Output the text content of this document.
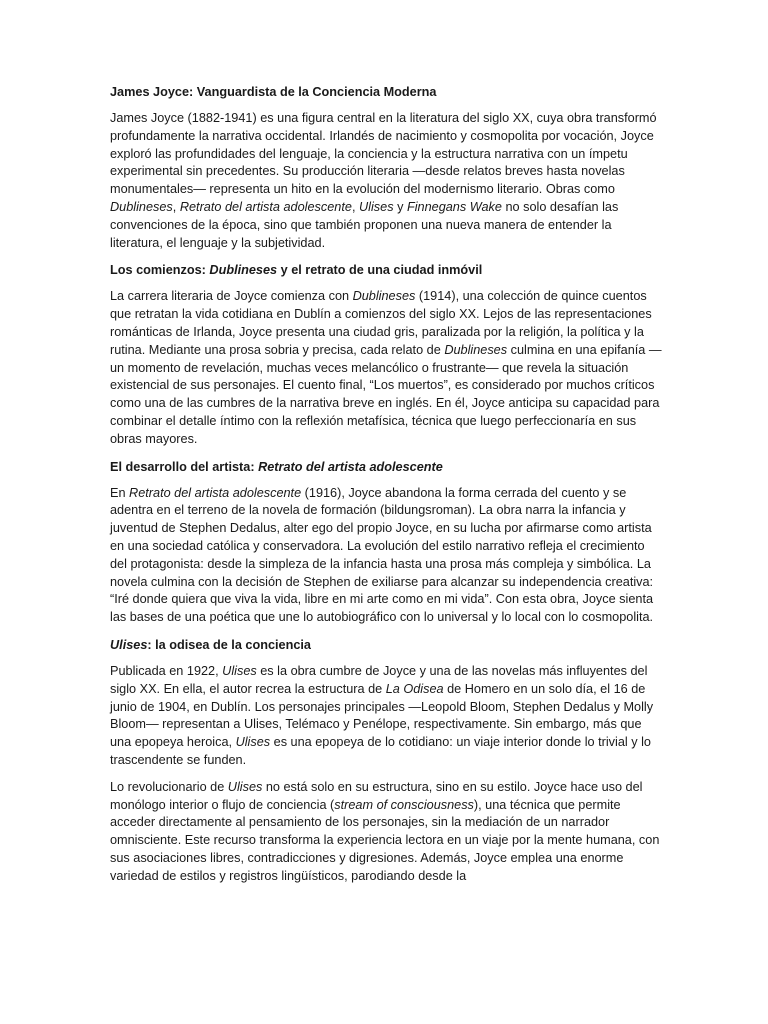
James Joyce: Vanguardista de la Conciencia Moderna

James Joyce (1882-1941) es una figura central en la literatura del siglo XX, cuya obra transformó profundamente la narrativa occidental. Irlandés de nacimiento y cosmopolita por vocación, Joyce exploró las profundidades del lenguaje, la conciencia y la estructura narrativa con un ímpetu experimental sin precedentes. Su producción literaria —desde relatos breves hasta novelas monumentales— representa un hito en la evolución del modernismo literario. Obras como Dublineses, Retrato del artista adolescente, Ulises y Finnegans Wake no solo desafían las convenciones de la época, sino que también proponen una nueva manera de entender la literatura, el lenguaje y la subjetividad.

Los comienzos: Dublineses y el retrato de una ciudad inmóvil

La carrera literaria de Joyce comienza con Dublineses (1914), una colección de quince cuentos que retratan la vida cotidiana en Dublín a comienzos del siglo XX. Lejos de las representaciones románticas de Irlanda, Joyce presenta una ciudad gris, paralizada por la religión, la política y la rutina. Mediante una prosa sobria y precisa, cada relato de Dublineses culmina en una epifanía —un momento de revelación, muchas veces melancólico o frustrante— que revela la situación existencial de sus personajes. El cuento final, “Los muertos”, es considerado por muchos críticos como una de las cumbres de la narrativa breve en inglés. En él, Joyce anticipa su capacidad para combinar el detalle íntimo con la reflexión metafísica, técnica que luego perfeccionaría en sus obras mayores.

El desarrollo del artista: Retrato del artista adolescente

En Retrato del artista adolescente (1916), Joyce abandona la forma cerrada del cuento y se adentra en el terreno de la novela de formación (bildungsroman). La obra narra la infancia y juventud de Stephen Dedalus, alter ego del propio Joyce, en su lucha por afirmarse como artista en una sociedad católica y conservadora. La evolución del estilo narrativo refleja el crecimiento del protagonista: desde la simpleza de la infancia hasta una prosa más compleja y simbólica. La novela culmina con la decisión de Stephen de exiliarse para alcanzar su independencia creativa: “Iré donde quiera que viva la vida, libre en mi arte como en mi vida”. Con esta obra, Joyce sienta las bases de una poética que une lo autobiográfico con lo universal y lo local con lo cosmopolita.

Ulises: la odisea de la conciencia

Publicada en 1922, Ulises es la obra cumbre de Joyce y una de las novelas más influyentes del siglo XX. En ella, el autor recrea la estructura de La Odisea de Homero en un solo día, el 16 de junio de 1904, en Dublín. Los personajes principales —Leopold Bloom, Stephen Dedalus y Molly Bloom— representan a Ulises, Telémaco y Penélope, respectivamente. Sin embargo, más que una epopeya heroica, Ulises es una epopeya de lo cotidiano: un viaje interior donde lo trivial y lo trascendente se funden.

Lo revolucionario de Ulises no está solo en su estructura, sino en su estilo. Joyce hace uso del monólogo interior o flujo de conciencia (stream of consciousness), una técnica que permite acceder directamente al pensamiento de los personajes, sin la mediación de un narrador omnisciente. Este recurso transforma la experiencia lectora en un viaje por la mente humana, con sus asociaciones libres, contradicciones y digresiones. Además, Joyce emplea una enorme variedad de estilos y registros lingüísticos, parodiando desde la
